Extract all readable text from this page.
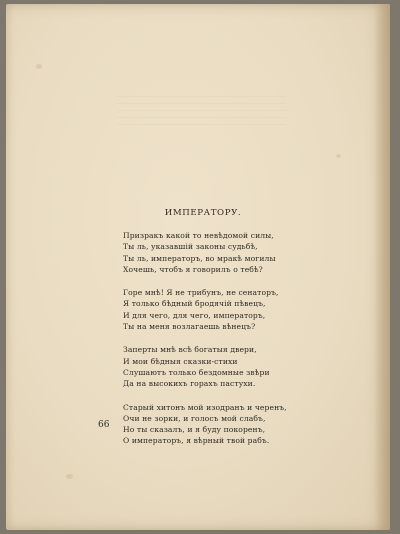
ИМПЕРАТОРУ.
Призракъ какой то невѣдомой силы,
Ты ль, указавшій законы судьбѣ,
Ты ль, императоръ, во мракѣ могилы
Хочешь, чтобъ я говорилъ о тебѣ?
Горе мнѣ! Я не трибунъ, не сенаторъ,
Я только бѣдный бродячій пѣвецъ,
И для чего, для чего, императоръ,
Ты на меня возлагаешь вѣнецъ?
Заперты мнѣ всѣ богатыя двери,
И мои бѣдныя сказки-стихи
Слушаютъ только бездомные звѣри
Да на высокихъ горахъ пастухи.
Старый хитонъ мой изодранъ и черенъ,
Очи не зорки, и голосъ мой слабъ,
Но ты сказалъ, и я буду покоренъ,
О императоръ, я вѣрный твой рабъ.
66
